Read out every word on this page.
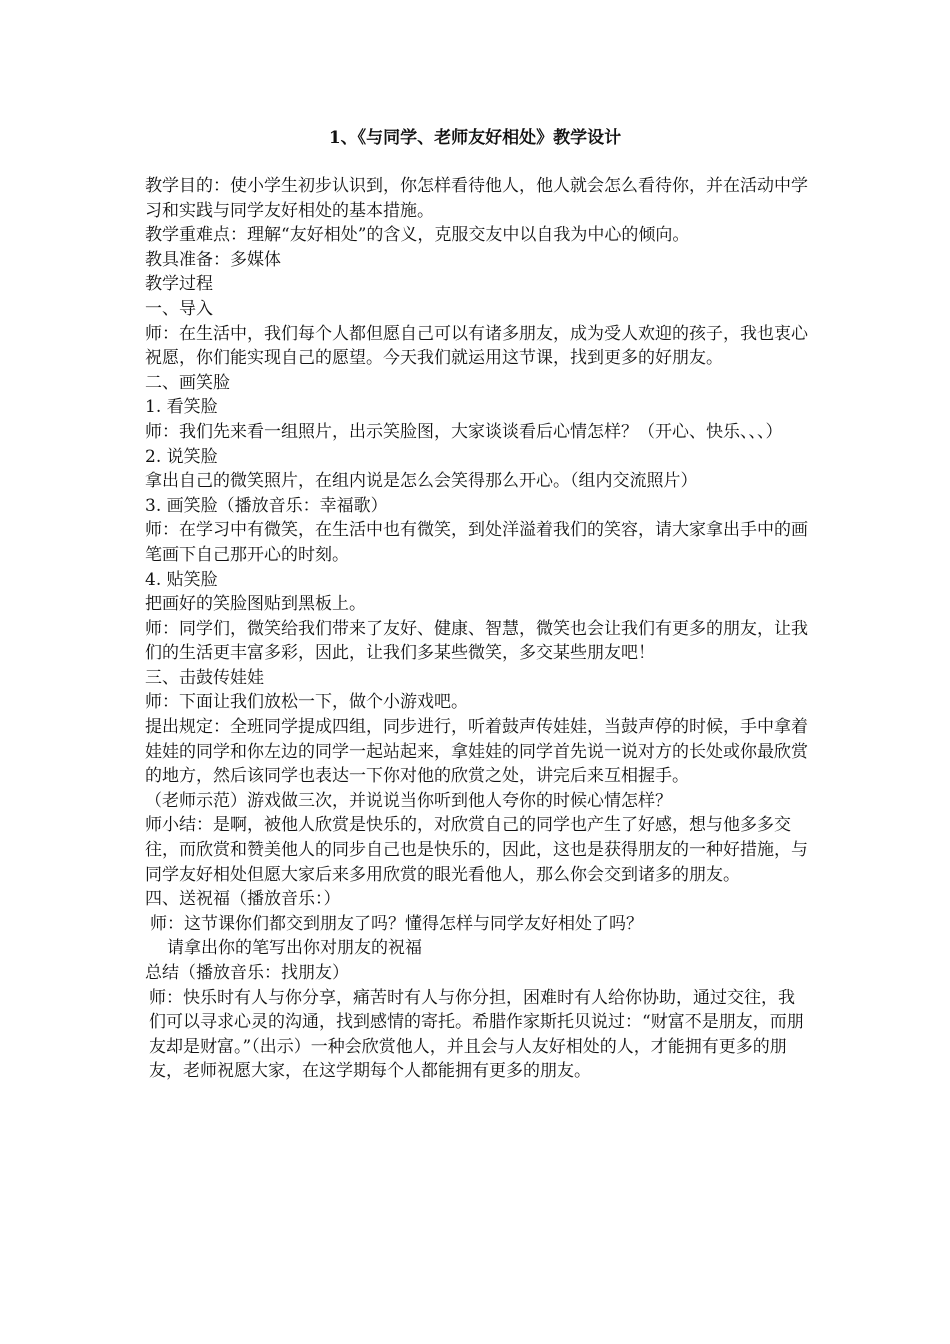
1、《与同学、老师友好相处》教学设计

教学目的：使小学生初步认识到，你怎样看待他人，他人就会怎么看待你，并在活动中学习和实践与同学友好相处的基本措施。

教学重难点：理解“友好相处”的含义，克服交友中以自我为中心的倾向。

教具准备：多媒体

教学过程

一、导入

师：在生活中，我们每个人都但愿自己可以有诸多朋友，成为受人欢迎的孩子，我也衷心祝愿，你们能实现自己的愿望。今天我们就运用这节课，找到更多的好朋友。

二、画笑脸

1. 看笑脸

师：我们先来看一组照片，出示笑脸图，大家谈谈看后心情怎样？（开心、快乐、、、）

2. 说笑脸

拿出自己的微笑照片，在组内说是怎么会笑得那么开心。（组内交流照片）

3. 画笑脸（播放音乐：幸福歌）

师：在学习中有微笑，在生活中也有微笑，到处洋溢着我们的笑容，请大家拿出手中的画笔画下自己那开心的时刻。

4. 贴笑脸

把画好的笑脸图贴到黑板上。

师：同学们，微笑给我们带来了友好、健康、智慧，微笑也会让我们有更多的朋友，让我们的生活更丰富多彩，因此，让我们多某些微笑，多交某些朋友吧！

三、击鼓传娃娃

师：下面让我们放松一下，做个小游戏吧。

提出规定：全班同学提成四组，同步进行，听着鼓声传娃娃，当鼓声停的时候，手中拿着娃娃的同学和你左边的同学一起站起来，拿娃娃的同学首先说一说对方的长处或你最欣赏的地方，然后该同学也表达一下你对他的欣赏之处，讲完后来互相握手。

（老师示范）游戏做三次，并说说当你听到他人夸你的时候心情怎样？

师小结：是啊，被他人欣赏是快乐的，对欣赏自己的同学也产生了好感，想与他多多交往，而欣赏和赞美他人的同步自己也是快乐的，因此，这也是获得朋友的一种好措施，与同学友好相处但愿大家后来多用欣赏的眼光看他人，那么你会交到诸多的朋友。

四、送祝福（播放音乐：）

师：这节课你们都交到朋友了吗？懂得怎样与同学友好相处了吗？

请拿出你的笔写出你对朋友的祝福

总结（播放音乐：找朋友）

师：快乐时有人与你分享，痛苦时有人与你分担，困难时有人给你协助，通过交往，我们可以寻求心灵的沟通，找到感情的寄托。希腊作家斯托贝说过：“财富不是朋友，而朋友却是财富。”（出示）一种会欣赏他人，并且会与人友好相处的人，才能拥有更多的朋友，老师祝愿大家，在这学期每个人都能拥有更多的朋友。
